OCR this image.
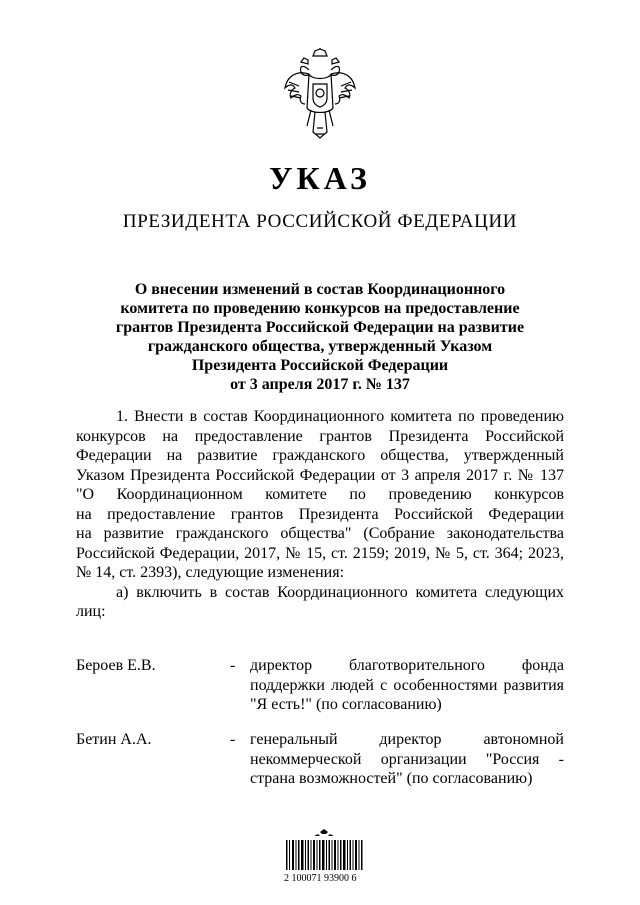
УКАЗ
ПРЕЗИДЕНТА РОССИЙСКОЙ ФЕДЕРАЦИИ
О внесении изменений в состав Координационного
комитета по проведению конкурсов на предоставление
грантов Президента Российской Федерации на развитие
гражданского общества, утвержденный Указом
Президента Российской Федерации
от 3 апреля 2017 г. № 137
1. Внести в состав Координационного комитета по проведению
конкурсов на предоставление грантов Президента Российской
Федерации на развитие гражданского общества, утвержденный
Указом Президента Российской Федерации от 3 апреля 2017 г. № 137
"О Координационном комитете по проведению конкурсов
на предоставление грантов Президента Российской Федерации
на развитие гражданского общества" (Собрание законодательства
Российской Федерации, 2017, № 15, ст. 2159; 2019, № 5, ст. 364; 2023,
№ 14, ст. 2393), следующие изменения:
а) включить в состав Координационного комитета следующих
лиц:
Бероев Е.В.	- директор благотворительного фонда
поддержки людей с особенностями развития
"Я есть!" (по согласованию)
Бетин А.А.	- генеральный директор автономной
некоммерческой организации "Россия -
страна возможностей" (по согласованию)
2 100071 93900 6
